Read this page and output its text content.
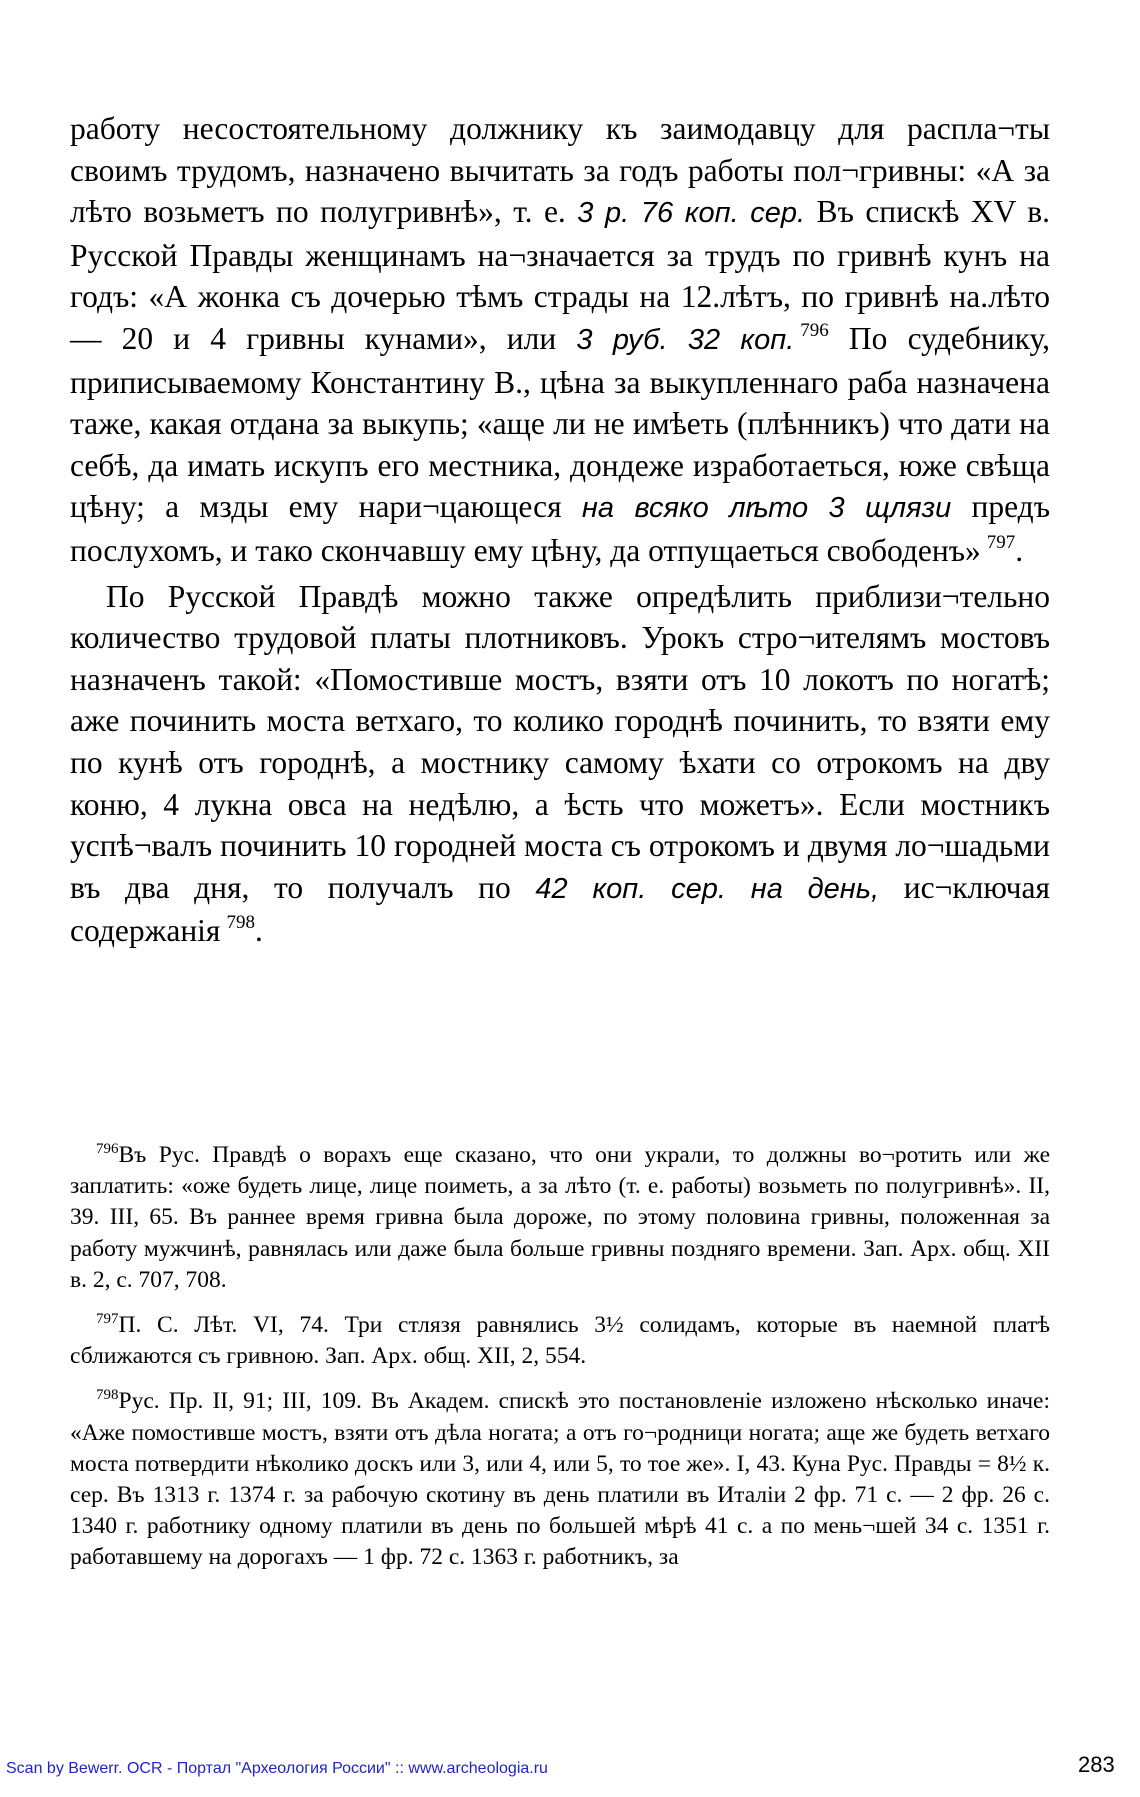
работу несостоятельному должнику къ заимодавцу для распла¬ты своимъ трудомъ, назначено вычитать за годъ работы пол¬гривны: «А за лѣто возьметъ по полугривнѣ», т. е. 3 р. 76 коп. сер. Въ спискѣ XV в. Русской Правды женщинамъ на¬значается за трудъ по гривнѣ кунъ на годъ: «А жонка съ дочерью тѣмъ страды на 12.лѣтъ, по гривнѣ на.лѣто — 20 и 4 гривны кунами», или 3 руб. 32 коп. $^{796}$ По судебнику, приписываемому Константину В., цѣна за выкупленнаго раба назначена таже, какая отдана за выкупь; «аще ли не имѣеть (плѣнникъ) что дати на себѣ, да имать искупъ его местника, дондеже изработаеться, юже свѣща цѣну; а мзды ему нари¬цающеся на всяко лѣто 3 щлязи предъ послухомъ, и тако скончавшу ему цѣну, да отпущаеться свободенъ» $^{797}$.

По Русской Правдѣ можно также опредѣлить приблизи¬тельно количество трудовой платы плотниковъ. Урокъ стро¬ителямъ мостовъ назначенъ такой: «Помостивше мостъ, взяти отъ 10 локотъ по ногатѣ; аже починить моста ветхаго, то колико городнѣ починить, то взяти ему по кунѣ отъ городнѣ, а мостнику самому ѣхати со отрокомъ на дву коню, 4 лукна овса на недѣлю, а ѣсть что можетъ». Если мостникъ успѣ¬валъ починить 10 городней моста съ отрокомъ и двумя ло¬шадьми въ два дня, то получалъ по 42 коп. сер. на день, ис¬ключая содержанія $^{798}$.

$^{796}$Въ Рус. Правдѣ о ворахъ еще сказано, что они украли, то должны во¬ротить или же заплатить: «оже будеть лице, лице поиметь, а за лѣто (т. е. работы) возьметь по полугривнѣ». II, 39. III, 65. Въ раннее время гривна была дороже, по этому половина гривны, положенная за работу мужчинѣ, равнялась или даже была больше гривны поздняго времени. Зап. Арх. общ. XII в. 2, с. 707, 708.

$^{797}$П. С. Лѣт. VI, 74. Три стлязя равнялись 3½ солидамъ, которые въ наемной платѣ сближаются съ гривною. Зап. Арх. общ. XII, 2, 554.

$^{798}$Рус. Пр. II, 91; III, 109. Въ Академ. спискѣ это постановленіе изложено нѣсколько иначе: «Аже помостивше мостъ, взяти отъ дѣла ногата; а отъ го¬родници ногата; аще же будеть ветхаго моста потвердити нѣколико доскъ или 3, или 4, или 5, то тое же». I, 43. Куна Рус. Правды = 8½ к. сер. Въ 1313 г. 1374 г. за рабочую скотину въ день платили въ Италіи 2 фр. 71 с. — 2 фр. 26 с. 1340 г. работнику одному платили въ день по большей мѣрѣ 41 с. а по мень¬шей 34 с. 1351 г. работавшему на дорогахъ — 1 фр. 72 с. 1363 г. работникъ, за

Scan by Bewerr. OCR - Портал "Археология России" :: www.archeologia.ru	283
